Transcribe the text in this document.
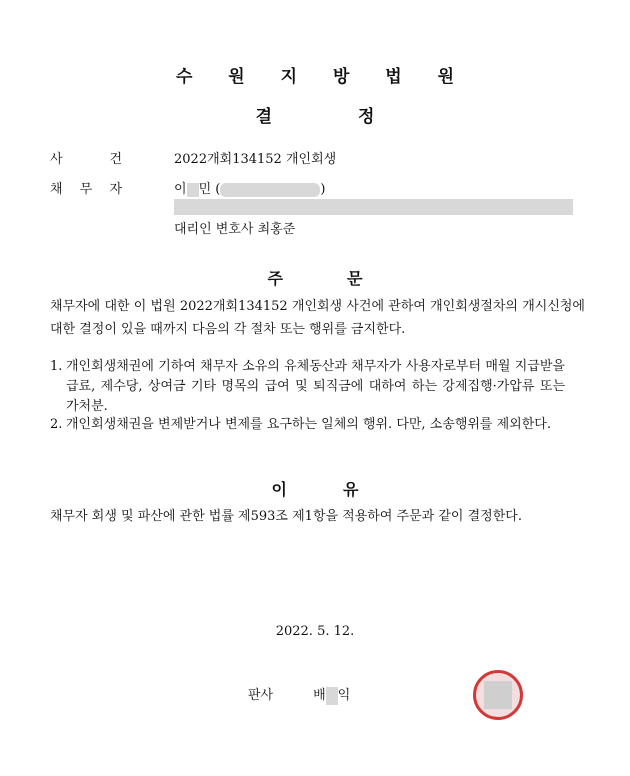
수 원 지 방 법 원
결	정
사	건	2022개회134152 개인회생
채 무 자	이 민 (	)
대리인 변호사 최홍준
주	문
채무자에 대한 이 법원 2022개회134152 개인회생 사건에 관하여 개인회생절차의 개시신청에 대한 결정이 있을 때까지 다음의 각 절차 또는 행위를 금지한다.
1. 개인회생채권에 기하여 채무자 소유의 유체동산과 채무자가 사용자로부터 매월 지급받을 급료, 제수당, 상여금 기타 명목의 급여 및 퇴직금에 대하여 하는 강제집행·가압류 또는 가처분.
2. 개인회생채권을 변제받거나 변제를 요구하는 일체의 행위. 다만, 소송행위를 제외한다.
이	유
채무자 회생 및 파산에 관한 법률 제593조 제1항을 적용하여 주문과 같이 결정한다.
2022. 5. 12.
판사	배 익
